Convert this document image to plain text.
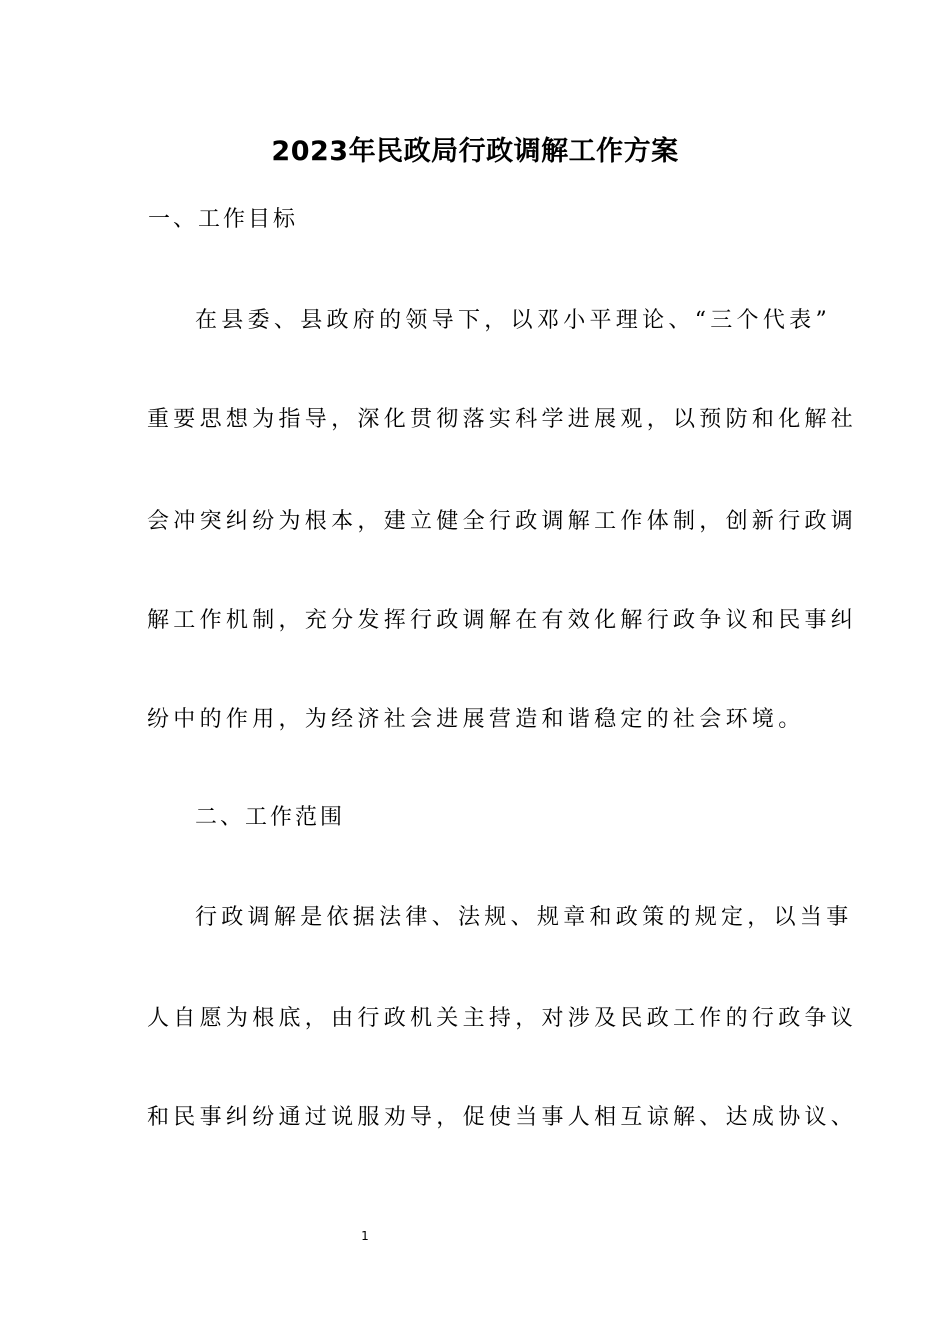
2023年民政局行政调解工作方案
一、工作目标
在县委、县政府的领导下，以邓小平理论、“三个代表”
重要思想为指导，深化贯彻落实科学进展观，以预防和化解社
会冲突纠纷为根本，建立健全行政调解工作体制，创新行政调
解工作机制，充分发挥行政调解在有效化解行政争议和民事纠
纷中的作用，为经济社会进展营造和谐稳定的社会环境。
二、工作范围
行政调解是依据法律、法规、规章和政策的规定，以当事
人自愿为根底，由行政机关主持，对涉及民政工作的行政争议
和民事纠纷通过说服劝导，促使当事人相互谅解、达成协议、
1
